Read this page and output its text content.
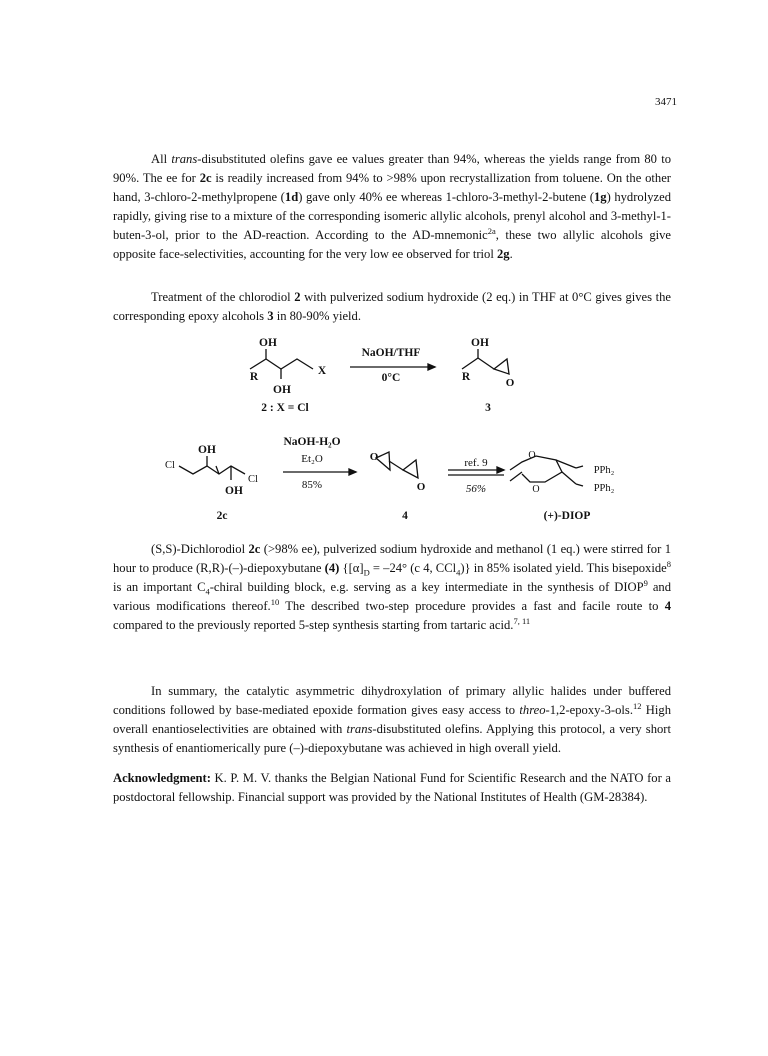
3471

All trans-disubstituted olefins gave ee values greater than 94%, whereas the yields range from 80 to 90%. The ee for 2c is readily increased from 94% to >98% upon recrystallization from toluene. On the other hand, 3-chloro-2-methylpropene (1d) gave only 40% ee whereas 1-chloro-3-methyl-2-butene (1g) hydrolyzed rapidly, giving rise to a mixture of the corresponding isomeric allylic alcohols, prenyl alcohol and 3-methyl-1-buten-3-ol, prior to the AD-reaction. According to the AD-mnemonic$^{2a}$, these two allylic alcohols give opposite face-selectivities, accounting for the very low ee observed for triol 2g.

Treatment of the chlorodiol 2 with pulverized sodium hydroxide (2 eq.) in THF at 0°C gives gives the corresponding epoxy alcohols 3 in 80-90% yield.

OH
R	X
OH
2 : X = Cl
NaOH/THF
0°C
OH
R	O
3
OH
Cl
Cl
OH
2c
NaOH-H₂O
Et₂O
85%
O
O
4
ref. 9
56%
O
O
PPh₂
PPh₂
(+)-DIOP

(S,S)-Dichlorodiol 2c (>98% ee), pulverized sodium hydroxide and methanol (1 eq.) were stirred for 1 hour to produce (R,R)-(–)-diepoxybutane (4) {$[\alpha]_D = -24^\circ$ (c 4, CCl$_4$)} in 85% isolated yield. This bisepoxide$^8$ is an important $C_4$-chiral building block, e.g. serving as a key intermediate in the synthesis of DIOP$^9$ and various modifications thereof.$^{10}$ The described two-step procedure provides a fast and facile route to 4 compared to the previously reported 5-step synthesis starting from tartaric acid.$^{7, 11}$

In summary, the catalytic asymmetric dihydroxylation of primary allylic halides under buffered conditions followed by base-mediated epoxide formation gives easy access to threo-1,2-epoxy-3-ols.$^{12}$ High overall enantioselectivities are obtained with trans-disubstituted olefins. Applying this protocol, a very short synthesis of enantiomerically pure (–)-diepoxybutane was achieved in high overall yield.

Acknowledgment: K. P. M. V. thanks the Belgian National Fund for Scientific Research and the NATO for a postdoctoral fellowship. Financial support was provided by the National Institutes of Health (GM-28384).
